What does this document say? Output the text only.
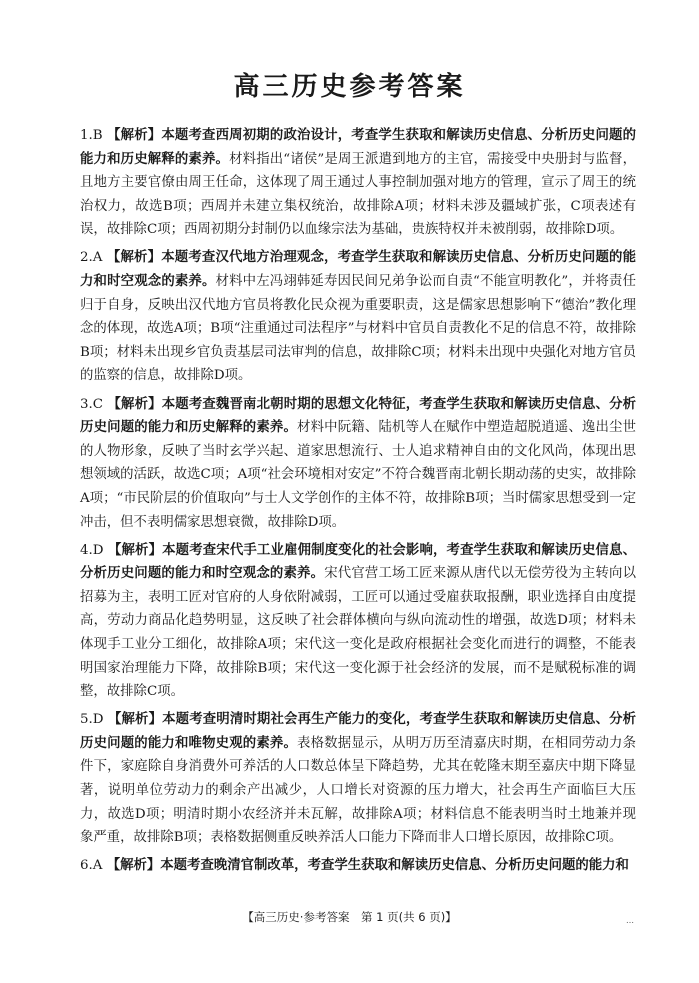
高三历史参考答案

1.B 【解析】本题考查西周初期的政治设计，考查学生获取和解读历史信息、分析历史问题的能力和历史解释的素养。材料指出“诸侯”是周王派遣到地方的主官，需接受中央册封与监督，且地方主要官僚由周王任命，这体现了周王通过人事控制加强对地方的管理，宣示了周王的统治权力，故选B项；西周并未建立集权统治，故排除A项；材料未涉及疆域扩张，C项表述有误，故排除C项；西周初期分封制仍以血缘宗法为基础，贵族特权并未被削弱，故排除D项。

2.A 【解析】本题考查汉代地方治理观念，考查学生获取和解读历史信息、分析历史问题的能力和时空观念的素养。材料中左冯翊韩延寿因民间兄弟争讼而自责“不能宣明教化”，并将责任归于自身，反映出汉代地方官员将教化民众视为重要职责，这是儒家思想影响下“德治”教化理念的体现，故选A项；B项“注重通过司法程序”与材料中官员自责教化不足的信息不符，故排除B项；材料未出现乡官负责基层司法审判的信息，故排除C项；材料未出现中央强化对地方官员的监察的信息，故排除D项。

3.C 【解析】本题考查魏晋南北朝时期的思想文化特征，考查学生获取和解读历史信息、分析历史问题的能力和历史解释的素养。材料中阮籍、陆机等人在赋作中塑造超脱逍遥、逸出尘世的人物形象，反映了当时玄学兴起、道家思想流行、士人追求精神自由的文化风尚，体现出思想领域的活跃，故选C项；A项“社会环境相对安定”不符合魏晋南北朝长期动荡的史实，故排除A项；“市民阶层的价值取向”与士人文学创作的主体不符，故排除B项；当时儒家思想受到一定冲击，但不表明儒家思想衰微，故排除D项。

4.D 【解析】本题考查宋代手工业雇佣制度变化的社会影响，考查学生获取和解读历史信息、分析历史问题的能力和时空观念的素养。宋代官营工场工匠来源从唐代以无偿劳役为主转向以招募为主，表明工匠对官府的人身依附减弱，工匠可以通过受雇获取报酬，职业选择自由度提高，劳动力商品化趋势明显，这反映了社会群体横向与纵向流动性的增强，故选D项；材料未体现手工业分工细化，故排除A项；宋代这一变化是政府根据社会变化而进行的调整，不能表明国家治理能力下降，故排除B项；宋代这一变化源于社会经济的发展，而不是赋税标准的调整，故排除C项。

5.D 【解析】本题考查明清时期社会再生产能力的变化，考查学生获取和解读历史信息、分析历史问题的能力和唯物史观的素养。表格数据显示，从明万历至清嘉庆时期，在相同劳动力条件下，家庭除自身消费外可养活的人口数总体呈下降趋势，尤其在乾隆末期至嘉庆中期下降显著，说明单位劳动力的剩余产出减少，人口增长对资源的压力增大，社会再生产面临巨大压力，故选D项；明清时期小农经济并未瓦解，故排除A项；材料信息不能表明当时土地兼并现象严重，故排除B项；表格数据侧重反映养活人口能力下降而非人口增长原因，故排除C项。

6.A 【解析】本题考查晚清官制改革，考查学生获取和解读历史信息、分析历史问题的能力和

【高三历史·参考答案　第 1 页(共 6 页)】	…
